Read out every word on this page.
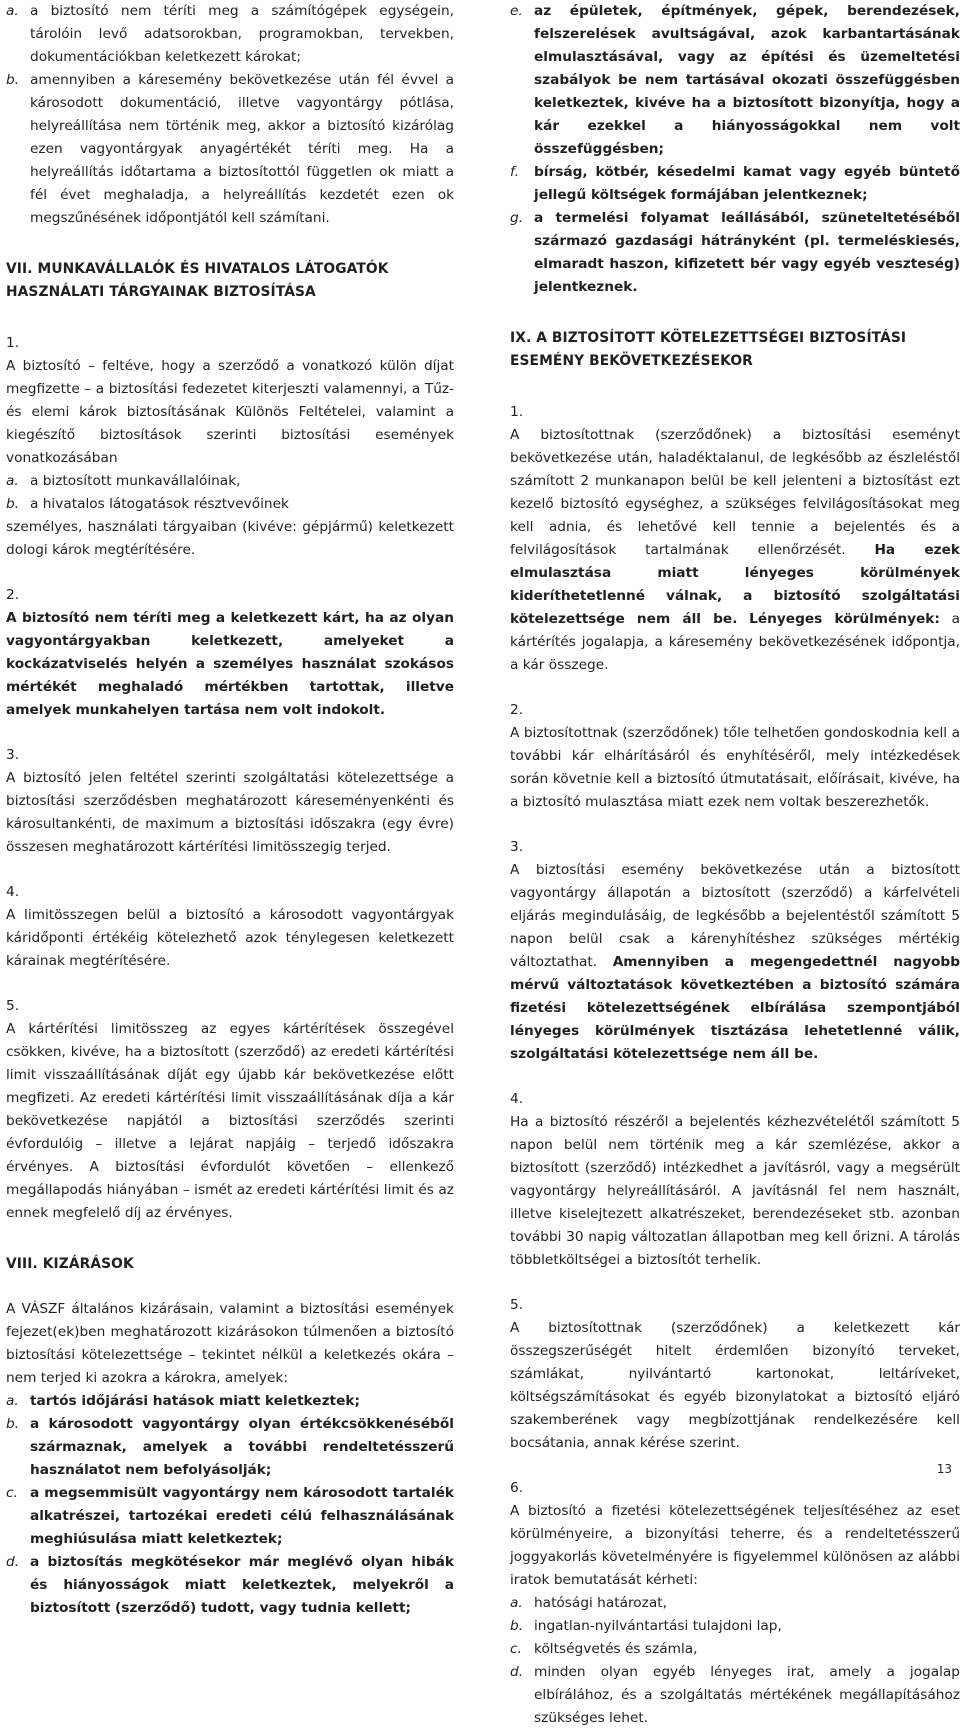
a. a biztosító nem téríti meg a számítógépek egységein, tárolóin levő adatsorokban, programokban, tervekben, dokumentációkban keletkezett károkat;
b. amennyiben a káresemény bekövetkezése után fél évvel a károsodott dokumentáció, illetve vagyontárgy pótlása, helyreállítása nem történik meg, akkor a biztosító kizárólag ezen vagyontárgyak anyagértékét téríti meg. Ha a helyreállítás időtartama a biztosítottól független ok miatt a fél évet meghaladja, a helyreállítás kezdetét ezen ok megszűnésének időpontjától kell számítani.
VII. MUNKAVÁLLALÓK ÉS HIVATALOS LÁTOGATÓK HASZNÁLATI TÁRGYAINAK BIZTOSÍTÁSA
1.

A biztosító – feltéve, hogy a szerződő a vonatkozó külön díjat megfizette – a biztosítási fedezetet kiterjeszti valamennyi, a Tűz- és elemi károk biztosításának Különös Feltételei, valamint a kiegészítő biztosítások szerinti biztosítási események vonatkozásában

a. a biztosított munkavállalóinak,
b. a hivatalos látogatások résztvevőinek

személyes, használati tárgyaiban (kivéve: gépjármű) keletkezett dologi károk megtérítésére.

2.

A biztosító nem téríti meg a keletkezett kárt, ha az olyan vagyontárgyakban keletkezett, amelyeket a kockázatviselés helyén a személyes használat szokásos mértékét meghaladó mértékben tartottak, illetve amelyek munkahelyen tartása nem volt indokolt.

3.

A biztosító jelen feltétel szerinti szolgáltatási kötelezettsége a biztosítási szerződésben meghatározott káreseményenkénti és károsultankénti, de maximum a biztosítási időszakra (egy évre) összesen meghatározott kártérítési limitösszegig terjed.

4.

A limitösszegen belül a biztosító a károsodott vagyontárgyak káridőponti értékéig kötelezhető azok ténylegesen keletkezett kárainak megtérítésére.

5.

A kártérítési limitösszeg az egyes kártérítések összegével csökken, kivéve, ha a biztosított (szerződő) az eredeti kártérítési limit visszaállításának díját egy újabb kár bekövetkezése előtt megfizeti. Az eredeti kártérítési limit visszaállításának díja a kár bekövetkezése napjától a biztosítási szerződés szerinti évfordulóig – illetve a lejárat napjáig – terjedő időszakra érvényes. A biztosítási évfordulót követően – ellenkező megállapodás hiányában – ismét az eredeti kártérítési limit és az ennek megfelelő díj az érvényes.

VIII. KIZÁRÁSOK

A VÁSZF általános kizárásain, valamint a biztosítási események fejezet(ek)ben meghatározott kizárásokon túlmenően a biztosító biztosítási kötelezettsége – tekintet nélkül a keletkezés okára – nem terjed ki azokra a károkra, amelyek:

a. tartós időjárási hatások miatt keletkeztek;
b. a károsodott vagyontárgy olyan értékcsökkenéséből származnak, amelyek a további rendeltetésszerű használatot nem befolyásolják;
c. a megsemmisült vagyontárgy nem károsodott tartalék alkatrészei, tartozékai eredeti célú felhasználásának meghiúsulása miatt keletkeztek;
d. a biztosítás megkötésekor már meglévő olyan hibák és hiányosságok miatt keletkeztek, melyekről a biztosított (szerződő) tudott, vagy tudnia kellett;
e. az épületek, építmények, gépek, berendezések, felszerelések avultságával, azok karbantartásának elmulasztásával, vagy az építési és üzemeltetési szabályok be nem tartásával okozati összefüggésben keletkeztek, kivéve ha a biztosított bizonyítja, hogy a kár ezekkel a hiányosságokkal nem volt összefüggésben;
f. bírság, kötbér, késedelmi kamat vagy egyéb büntető jellegű költségek formájában jelentkeznek;
g. a termelési folyamat leállásából, szüneteltetéséből származó gazdasági hátrányként (pl. termeléskiesés, elmaradt haszon, kifizetett bér vagy egyéb veszteség) jelentkeznek.
IX. A BIZTOSÍTOTT KÖTELEZETTSÉGEI BIZTOSÍTÁSI ESEMÉNY BEKÖVETKEZÉSEKOR
1.

A biztosítottnak (szerződőnek) a biztosítási eseményt bekövetkezése után, haladéktalanul, de legkésőbb az észleléstől számított 2 munkanapon belül be kell jelenteni a biztosítást ezt kezelő biztosító egységhez, a szükséges felvilágosításokat meg kell adnia, és lehetővé kell tennie a bejelentés és a felvilágosítások tartalmának ellenőrzését. Ha ezek elmulasztása miatt lényeges körülmények kideríthetetlenné válnak, a biztosító szolgáltatási kötelezettsége nem áll be. Lényeges körülmények: a kártérítés jogalapja, a káresemény bekövetkezésének időpontja, a kár összege.

2.

A biztosítottnak (szerződőnek) tőle telhetően gondoskodnia kell a további kár elhárításáról és enyhítéséről, mely intézkedések során követnie kell a biztosító útmutatásait, előírásait, kivéve, ha a biztosító mulasztása miatt ezek nem voltak beszerezhetők.

3.

A biztosítási esemény bekövetkezése után a biztosított vagyontárgy állapotán a biztosított (szerződő) a kárfelvételi eljárás megindulásáig, de legkésőbb a bejelentéstől számított 5 napon belül csak a kárenyhítéshez szükséges mértékig változtathat. Amennyiben a megengedettnél nagyobb mérvű változtatások következtében a biztosító számára fizetési kötelezettségének elbírálása szempontjából lényeges körülmények tisztázása lehetetlenné válik, szolgáltatási kötelezettsége nem áll be.

4.

Ha a biztosító részéről a bejelentés kézhezvételétől számított 5 napon belül nem történik meg a kár szemlézése, akkor a biztosított (szerződő) intézkedhet a javításról, vagy a megsérült vagyontárgy helyreállításáról. A javításnál fel nem használt, illetve kiselejtezett alkatrészeket, berendezéseket stb. azonban további 30 napig változatlan állapotban meg kell őrizni. A tárolás többletköltségei a biztosítót terhelik.

5.

A biztosítottnak (szerződőnek) a keletkezett kár összegszerűségét hitelt érdemlően bizonyító terveket, számlákat, nyilvántartó kartonokat, leltáríveket, költségszámításokat és egyéb bizonylatokat a biztosító eljáró szakemberének vagy megbízottjának rendelkezésére kell bocsátania, annak kérése szerint.

6.

A biztosító a fizetési kötelezettségének teljesítéséhez az eset körülményeire, a bizonyítási teherre, és a rendeltetésszerű joggyakorlás követelményére is figyelemmel különösen az alábbi iratok bemutatását kérheti:

a. hatósági határozat,
b. ingatlan-nyilvántartási tulajdoni lap,
c. költségvetés és számla,
d. minden olyan egyéb lényeges irat, amely a jogalap elbírálához, és a szolgáltatás mértékének megállapításához szükséges lehet.
13
